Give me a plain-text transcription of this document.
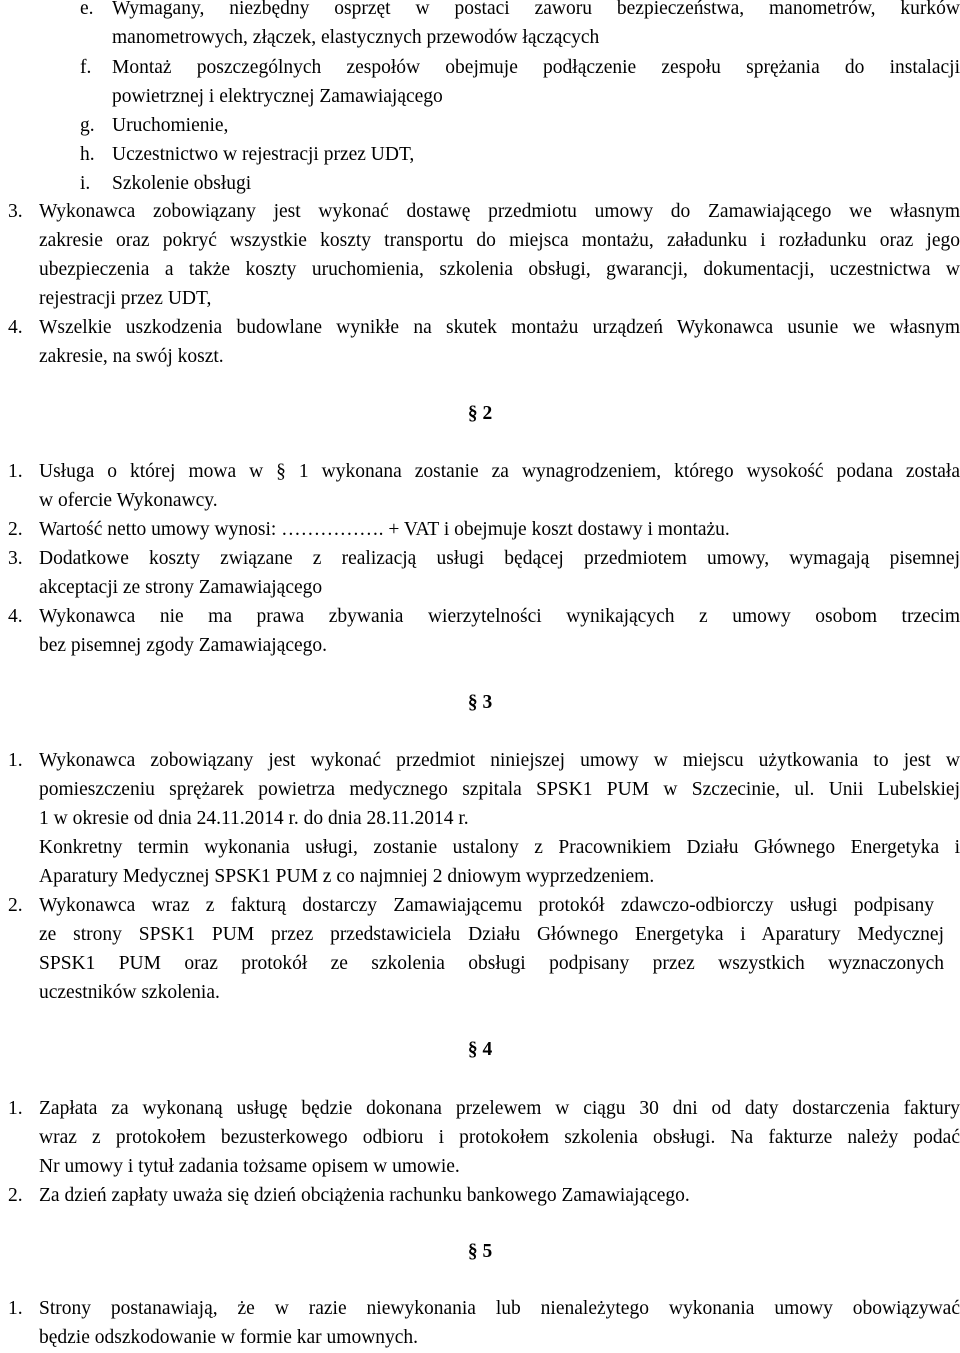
e. Wymagany, niezbędny osprzęt w postaci zaworu bezpieczeństwa, manometrów, kurków
manometrowych, złączek, elastycznych przewodów łączących
f. Montaż poszczególnych zespołów obejmuje podłączenie zespołu sprężania do instalacji
powietrznej i elektrycznej Zamawiającego
g. Uruchomienie,
h. Uczestnictwo w rejestracji przez UDT,
i. Szkolenie obsługi
3. Wykonawca zobowiązany jest wykonać dostawę przedmiotu umowy do Zamawiającego we własnym
zakresie oraz pokryć wszystkie koszty transportu do miejsca montażu, załadunku i rozładunku oraz jego
ubezpieczenia a także koszty uruchomienia, szkolenia obsługi, gwarancji, dokumentacji, uczestnictwa w
rejestracji przez UDT,
4. Wszelkie uszkodzenia budowlane wynikłe na skutek montażu urządzeń Wykonawca usunie we własnym
zakresie, na swój koszt.
§ 2
1. Usługa o której mowa w § 1 wykonana zostanie za wynagrodzeniem, którego wysokość podana została
w ofercie Wykonawcy.
2. Wartość netto umowy wynosi: ……………. + VAT i obejmuje koszt dostawy i montażu.
3. Dodatkowe koszty związane z realizacją usługi będącej przedmiotem umowy, wymagają pisemnej
akceptacji ze strony Zamawiającego
4. Wykonawca nie ma prawa zbywania wierzytelności wynikających z umowy osobom trzecim
bez pisemnej zgody Zamawiającego.
§ 3
1. Wykonawca zobowiązany jest wykonać przedmiot niniejszej umowy w miejscu użytkowania to jest w
pomieszczeniu sprężarek powietrza medycznego szpitala SPSK1 PUM w Szczecinie, ul. Unii Lubelskiej
1 w okresie od dnia 24.11.2014 r. do dnia 28.11.2014 r.
Konkretny termin wykonania usługi, zostanie ustalony z Pracownikiem Działu Głównego Energetyka i
Aparatury Medycznej SPSK1 PUM z co najmniej 2 dniowym wyprzedzeniem.
2. Wykonawca wraz z fakturą dostarczy Zamawiającemu protokół zdawczo-odbiorczy usługi podpisany
ze strony SPSK1 PUM przez przedstawiciela Działu Głównego Energetyka i Aparatury Medycznej
SPSK1 PUM oraz protokół ze szkolenia obsługi podpisany przez wszystkich wyznaczonych
uczestników szkolenia.
§ 4
1. Zapłata za wykonaną usługę będzie dokonana przelewem w ciągu 30 dni od daty dostarczenia faktury
wraz z protokołem bezusterkowego odbioru i protokołem szkolenia obsługi. Na fakturze należy podać
Nr umowy i tytuł zadania tożsame opisem w umowie.
2. Za dzień zapłaty uważa się dzień obciążenia rachunku bankowego Zamawiającego.
§ 5
1. Strony postanawiają, że w razie niewykonania lub nienależytego wykonania umowy obowiązywać
będzie odszkodowanie w formie kar umownych.
